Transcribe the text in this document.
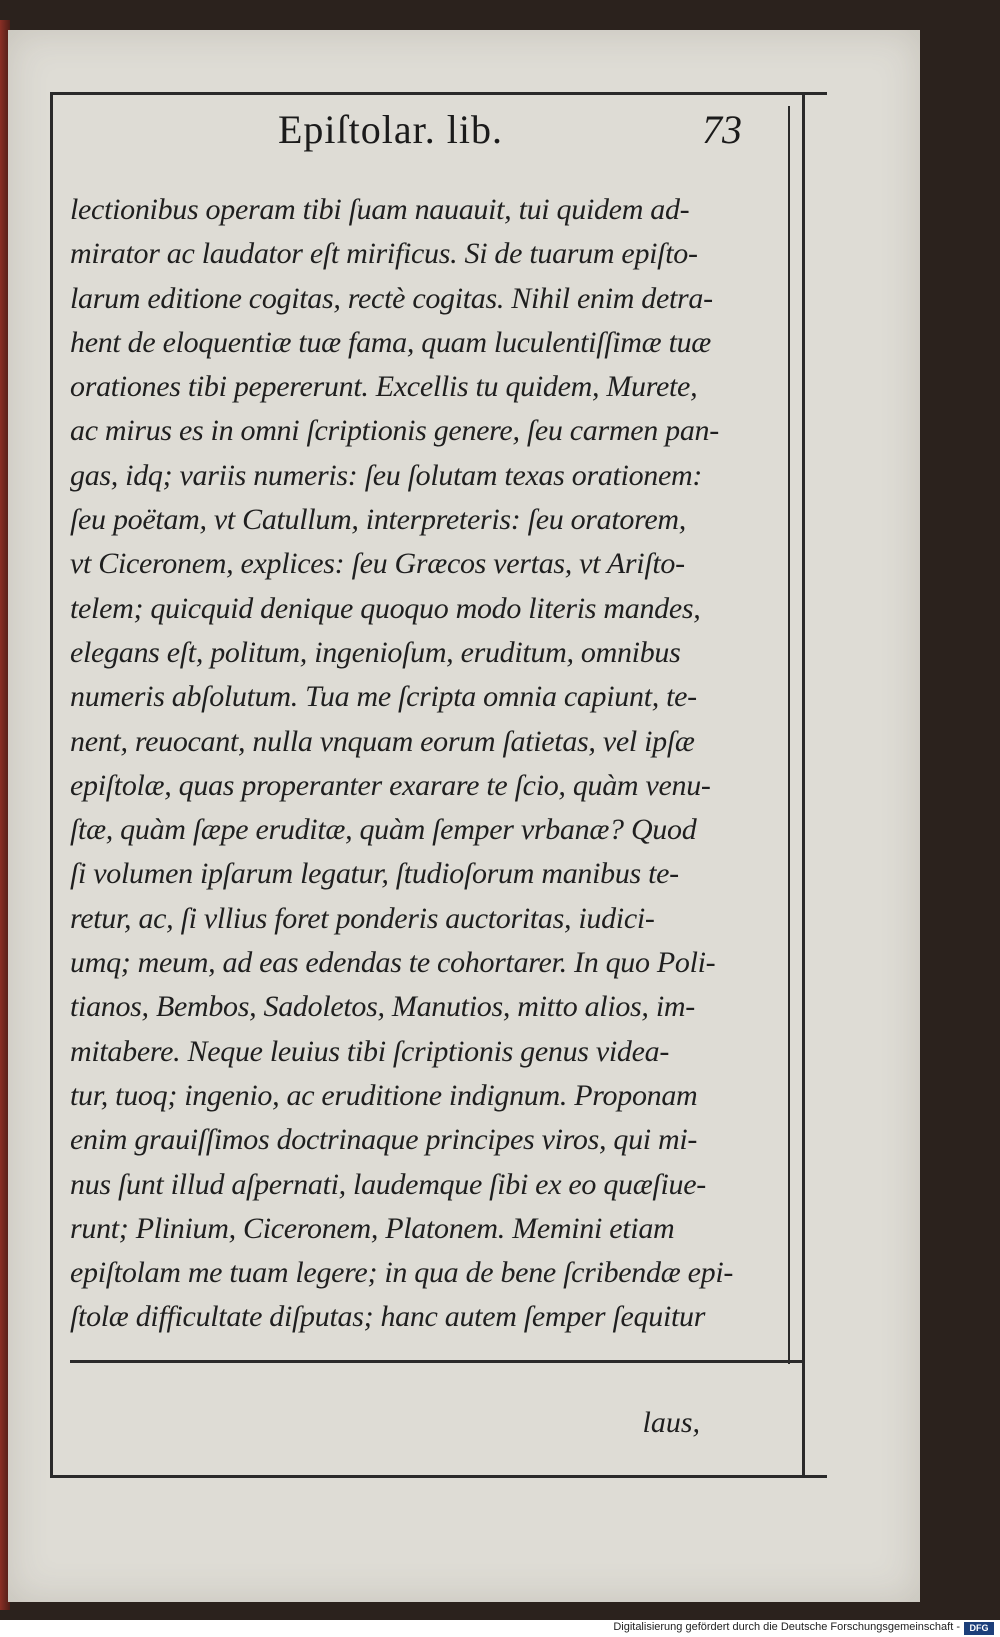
Epiſtolar. lib.	73
lectionibus operam tibi ſuam nauauit, tui quidem ad-
mirator ac laudator eſt mirificus. Si de tuarum epiſto-
larum editione cogitas, rectè cogitas. Nihil enim detra-
hent de eloquentiæ tuæ fama, quam luculentiſſimæ tuæ
orationes tibi pepererunt. Excellis tu quidem, Murete,
ac mirus es in omni ſcriptionis genere, ſeu carmen pan-
gas, idq; variis numeris: ſeu ſolutam texas orationem:
ſeu poëtam, vt Catullum, interpreteris: ſeu oratorem,
vt Ciceronem, explices: ſeu Græcos vertas, vt Ariſto-
telem; quicquid denique quoquo modo literis mandes,
elegans eſt, politum, ingenioſum, eruditum, omnibus
numeris abſolutum. Tua me ſcripta omnia capiunt, te-
nent, reuocant, nulla vnquam eorum ſatietas, vel ipſæ
epiſtolæ, quas properanter exarare te ſcio, quàm venu-
ſtæ, quàm ſæpe eruditæ, quàm ſemper vrbanæ? Quod
ſi volumen ipſarum legatur, ſtudioſorum manibus te-
retur, ac, ſi vllius foret ponderis auctoritas, iudici-
umq; meum, ad eas edendas te cohortarer. In quo Poli-
tianos, Bembos, Sadoletos, Manutios, mitto alios, im-
mitabere. Neque leuius tibi ſcriptionis genus videa-
tur, tuoq; ingenio, ac eruditione indignum. Proponam
enim grauiſſimos doctrinaque principes viros, qui mi-
nus ſunt illud aſpernati, laudemque ſibi ex eo quæſiue-
runt; Plinium, Ciceronem, Platonem. Memini etiam
epiſtolam me tuam legere; in qua de bene ſcribendæ epi-
ſtolæ difficultate diſputas; hanc autem ſemper ſequitur
laus,
Digitalisierung gefördert durch die Deutsche Forschungsgemeinschaft -	DFG
